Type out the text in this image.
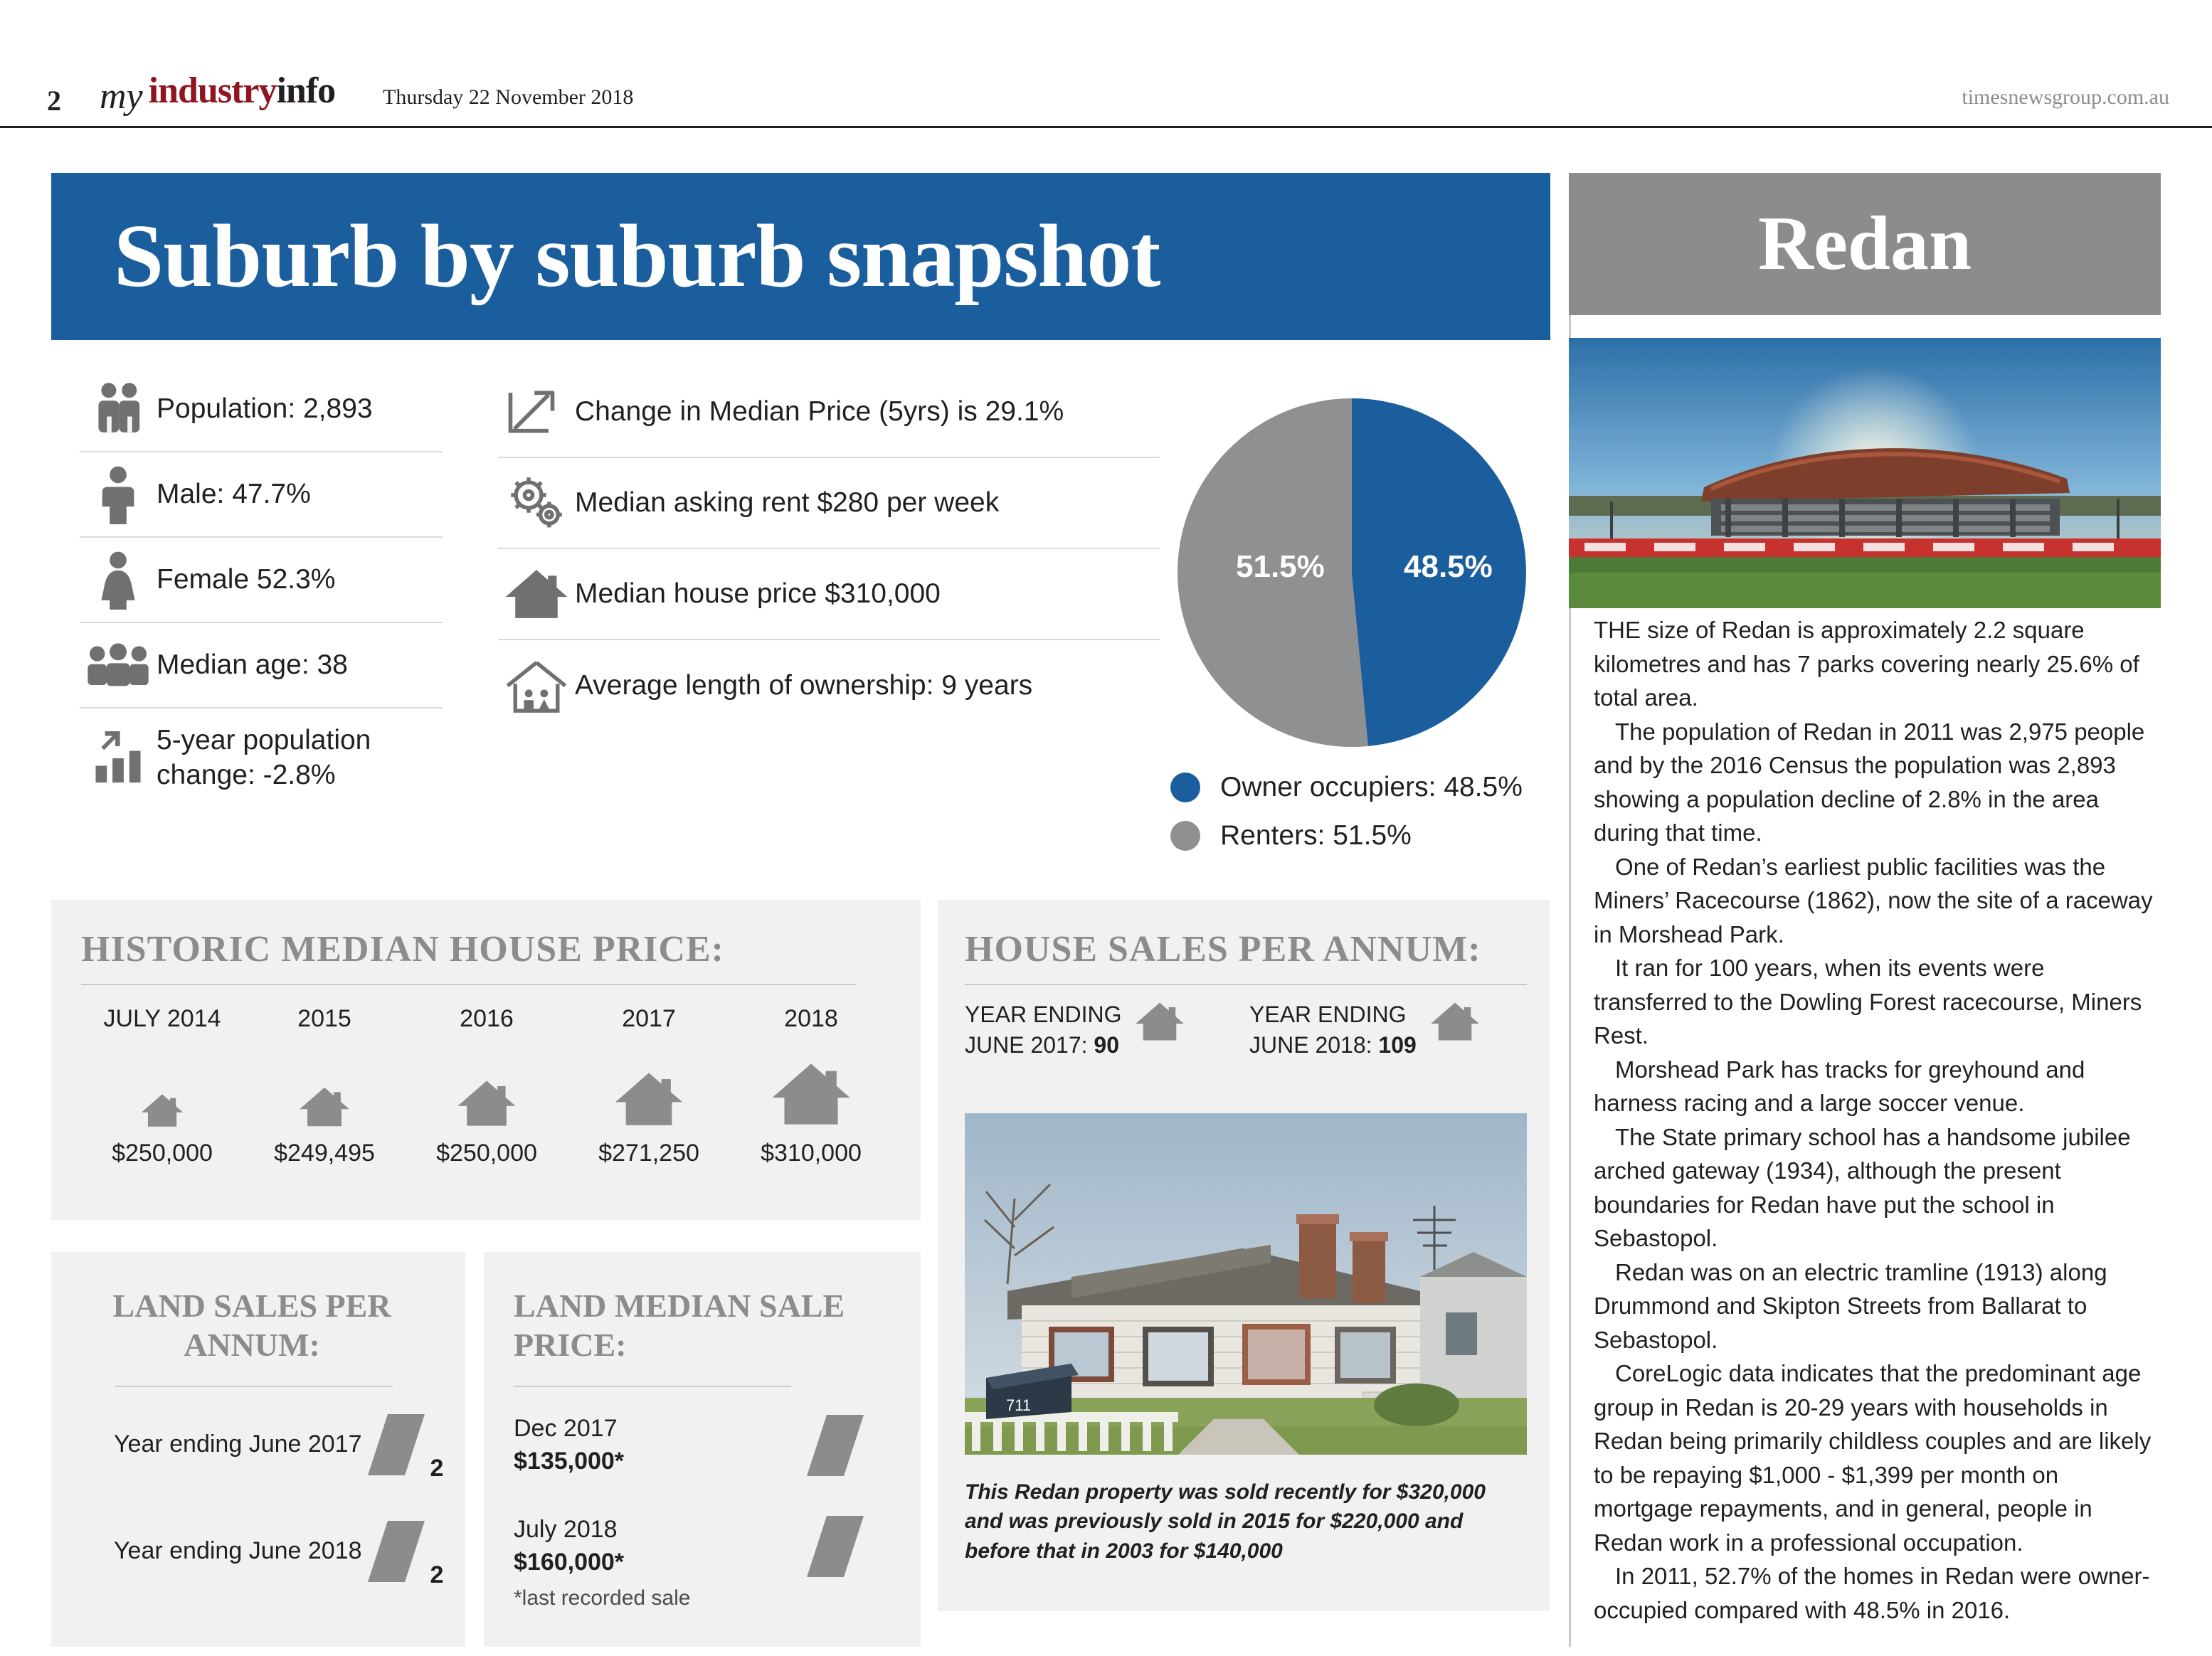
2 my industry info Thursday 22 November 2018	timesnewsgroup.com.au
Suburb by suburb snapshot
Population: 2,893
Male: 47.7%
Female 52.3%
Median age: 38
5-year population change: -2.8%
Change in Median Price (5yrs) is 29.1%
Median asking rent $280 per week
Median house price $310,000
Average length of ownership: 9 years
48.5%
51.5%
Owner occupiers: 48.5%
Renters: 51.5%
HISTORIC MEDIAN HOUSE PRICE:
JULY 2014
$250,000
2015
$249,495
2016
$250,000
2017
$271,250
2018
$310,000
HOUSE SALES PER ANNUM:
YEAR ENDING
JUNE 2017: 90
YEAR ENDING
JUNE 2018: 109
711
This Redan property was sold recently for $320,000 and was previously sold in 2015 for $220,000 and before that in 2003 for $140,000
LAND SALES PER ANNUM:
Year ending June 2017
2
Year ending June 2018
2
LAND MEDIAN SALE PRICE:
Dec 2017
$135,000*
July 2018
$160,000*
*last recorded sale
Redan

THE size of Redan is approximately 2.2 square kilometres and has 7 parks covering nearly 25.6% of total area.

The population of Redan in 2011 was 2,975 people and by the 2016 Census the population was 2,893 showing a population decline of 2.8% in the area during that time.

One of Redan’s earliest public facilities was the Miners’ Racecourse (1862), now the site of a raceway in Morshead Park.

It ran for 100 years, when its events were transferred to the Dowling Forest racecourse, Miners Rest.

Morshead Park has tracks for greyhound and harness racing and a large soccer venue.

The State primary school has a handsome jubilee arched gateway (1934), although the present boundaries for Redan have put the school in Sebastopol.

Redan was on an electric tramline (1913) along Drummond and Skipton Streets from Ballarat to Sebastopol.

CoreLogic data indicates that the predominant age group in Redan is 20-29 years with households in Redan being primarily childless couples and are likely to be repaying $1,000 - $1,399 per month on mortgage repayments, and in general, people in Redan work in a professional occupation.

In 2011, 52.7% of the homes in Redan were owner-occupied compared with 48.5% in 2016.
